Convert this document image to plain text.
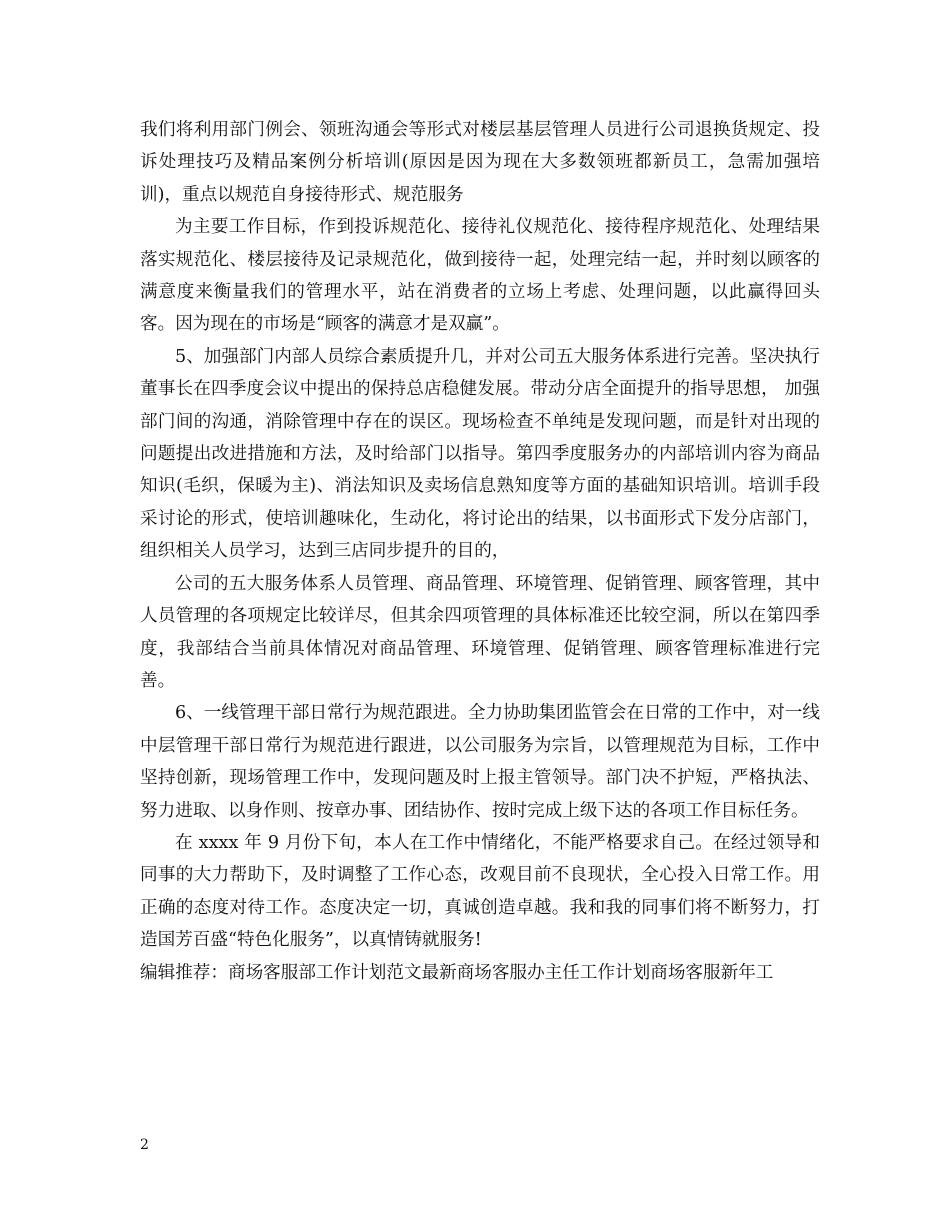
我们将利用部门例会、领班沟通会等形式对楼层基层管理人员进行公司退换货规定、投诉处理技巧及精品案例分析培训(原因是因为现在大多数领班都新员工，急需加强培训)，重点以规范自身接待形式、规范服务

为主要工作目标，作到投诉规范化、接待礼仪规范化、接待程序规范化、处理结果落实规范化、楼层接待及记录规范化，做到接待一起，处理完结一起，并时刻以顾客的满意度来衡量我们的管理水平，站在消费者的立场上考虑、处理问题，以此赢得回头客。因为现在的市场是“顾客的满意才是双赢”。

5、加强部门内部人员综合素质提升几，并对公司五大服务体系进行完善。坚决执行董事长在四季度会议中提出的保持总店稳健发展。带动分店全面提升的指导思想， 加强部门间的沟通，消除管理中存在的误区。现场检查不单纯是发现问题，而是针对出现的问题提出改进措施和方法，及时给部门以指导。第四季度服务办的内部培训内容为商品知识(毛织，保暖为主)、消法知识及卖场信息熟知度等方面的基础知识培训。培训手段采讨论的形式，使培训趣味化，生动化，将讨论出的结果，以书面形式下发分店部门，组织相关人员学习，达到三店同步提升的目的，

公司的五大服务体系人员管理、商品管理、环境管理、促销管理、顾客管理，其中人员管理的各项规定比较详尽，但其余四项管理的具体标准还比较空洞，所以在第四季度，我部结合当前具体情况对商品管理、环境管理、促销管理、顾客管理标准进行完善。

6、一线管理干部日常行为规范跟进。全力协助集团监管会在日常的工作中，对一线中层管理干部日常行为规范进行跟进，以公司服务为宗旨，以管理规范为目标，工作中坚持创新，现场管理工作中，发现问题及时上报主管领导。部门决不护短，严格执法、努力进取、以身作则、按章办事、团结协作、按时完成上级下达的各项工作目标任务。

在 xxxx 年 9 月份下旬，本人在工作中情绪化，不能严格要求自己。在经过领导和同事的大力帮助下，及时调整了工作心态，改观目前不良现状，全心投入日常工作。用正确的态度对待工作。态度决定一切，真诚创造卓越。我和我的同事们将不断努力，打造国芳百盛“特色化服务”，以真情铸就服务!

编辑推荐：商场客服部工作计划范文最新商场客服办主任工作计划商场客服新年工

2
